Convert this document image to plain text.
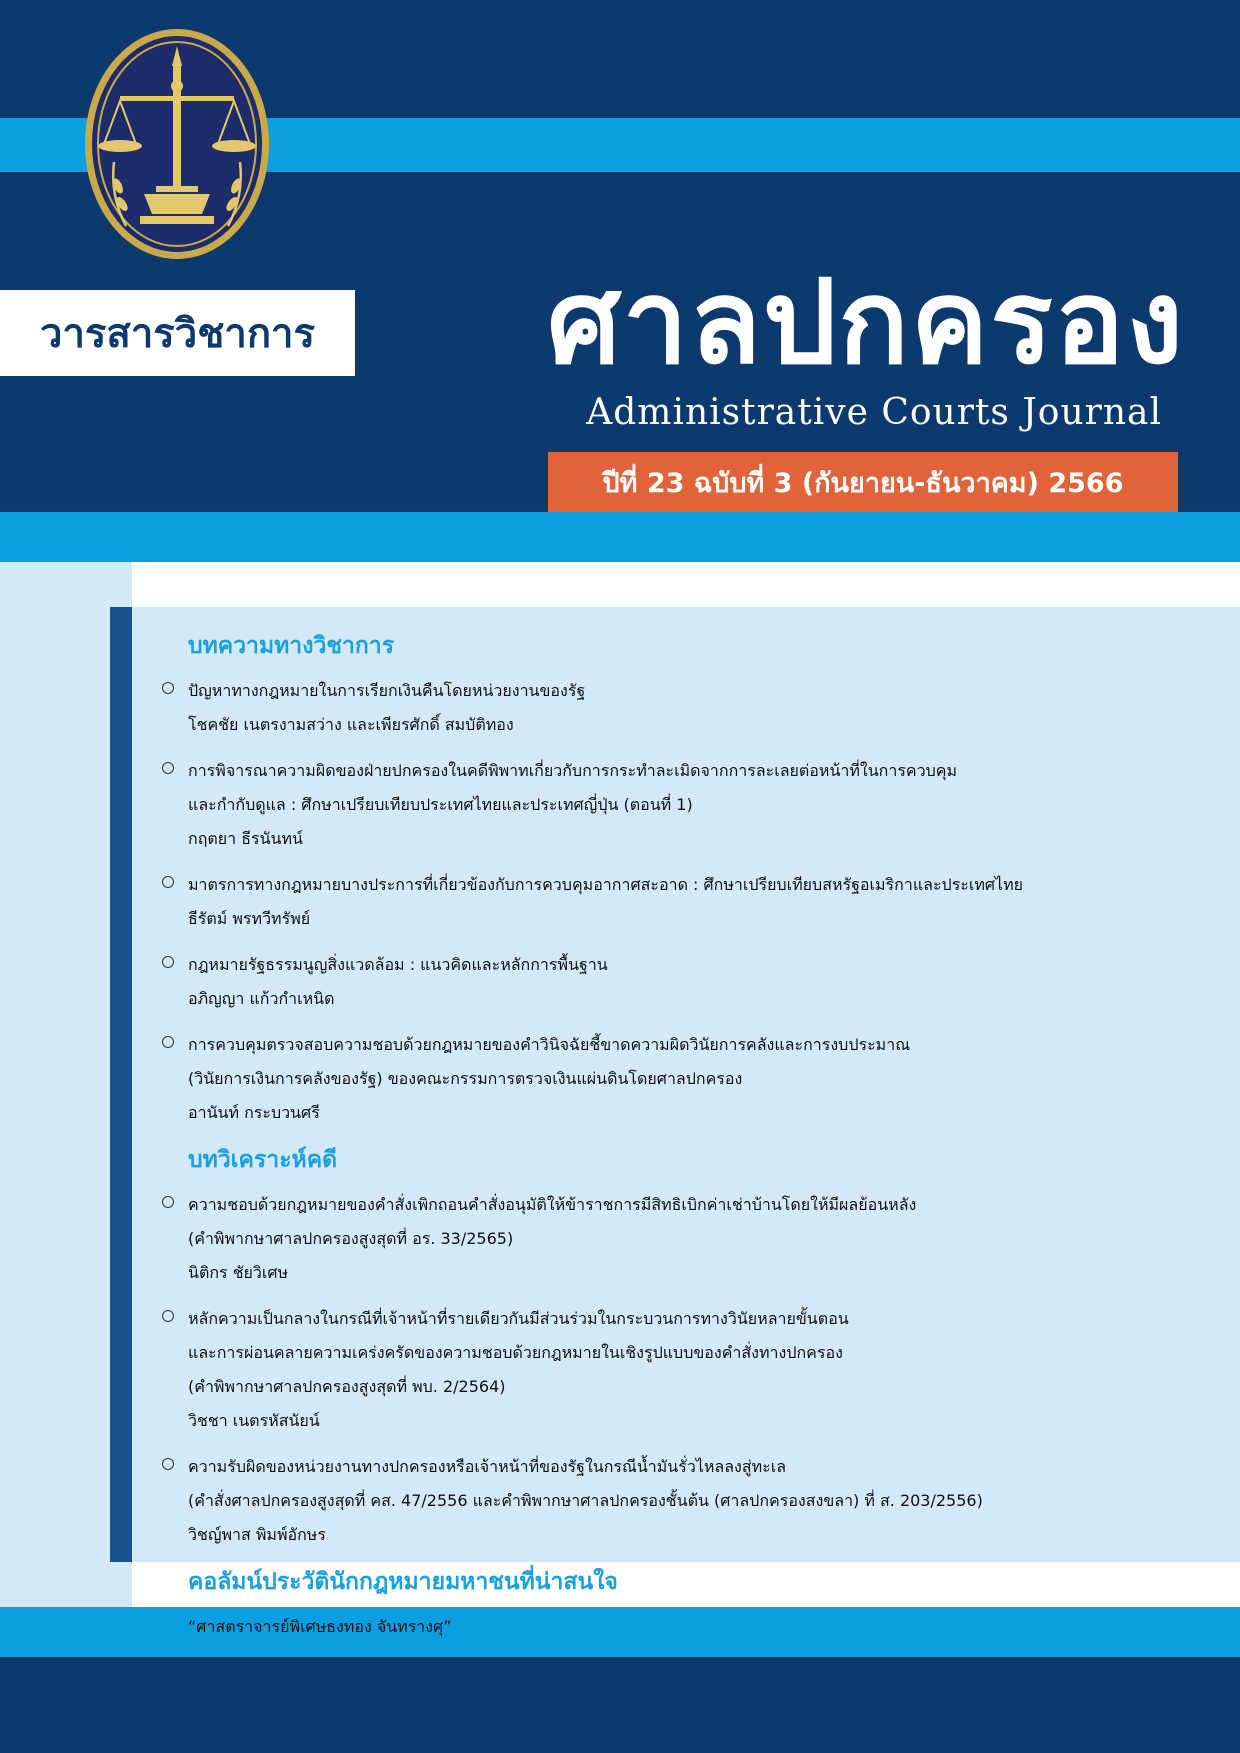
วารสารวิชาการ	ศาลปกครอง
Administrative Courts Journal
ปีที่ 23 ฉบับที่ 3 (กันยายน-ธันวาคม) 2566
บทความทางวิชาการ
ปัญหาทางกฎหมายในการเรียกเงินคืนโดยหน่วยงานของรัฐ
โชคชัย เนตรงามสว่าง และเพียรศักดิ์ สมบัติทอง
การพิจารณาความผิดของฝ่ายปกครองในคดีพิพาทเกี่ยวกับการกระทำละเมิดจากการละเลยต่อหน้าที่ในการควบคุม
และกำกับดูแล : ศึกษาเปรียบเทียบประเทศไทยและประเทศญี่ปุ่น (ตอนที่ 1)
กฤตยา ธีรนันทน์
มาตรการทางกฎหมายบางประการที่เกี่ยวข้องกับการควบคุมอากาศสะอาด : ศึกษาเปรียบเทียบสหรัฐอเมริกาและประเทศไทย
ธีรัตม์ พรทวีทรัพย์
กฎหมายรัฐธรรมนูญสิ่งแวดล้อม : แนวคิดและหลักการพื้นฐาน
อภิญญา แก้วกำเหนิด
การควบคุมตรวจสอบความชอบด้วยกฎหมายของคำวินิจฉัยชี้ขาดความผิดวินัยการคลังและการงบประมาณ
(วินัยการเงินการคลังของรัฐ) ของคณะกรรมการตรวจเงินแผ่นดินโดยศาลปกครอง
อานันท์ กระบวนศรี
บทวิเคราะห์คดี
ความชอบด้วยกฎหมายของคำสั่งเพิกถอนคำสั่งอนุมัติให้ข้าราชการมีสิทธิเบิกค่าเช่าบ้านโดยให้มีผลย้อนหลัง
(คำพิพากษาศาลปกครองสูงสุดที่ อร. 33/2565)
นิติกร ชัยวิเศษ
หลักความเป็นกลางในกรณีที่เจ้าหน้าที่รายเดียวกันมีส่วนร่วมในกระบวนการทางวินัยหลายขั้นตอน
และการผ่อนคลายความเคร่งครัดของความชอบด้วยกฎหมายในเชิงรูปแบบของคำสั่งทางปกครอง
(คำพิพากษาศาลปกครองสูงสุดที่ พบ. 2/2564)
วิชชา เนตรหัสนัยน์
ความรับผิดของหน่วยงานทางปกครองหรือเจ้าหน้าที่ของรัฐในกรณีน้ำมันรั่วไหลลงสู่ทะเล
(คำสั่งศาลปกครองสูงสุดที่ คส. 47/2556 และคำพิพากษาศาลปกครองชั้นต้น (ศาลปกครองสงขลา) ที่ ส. 203/2556)
วิชญ์พาส พิมพ์อักษร
คอลัมน์ประวัตินักกฎหมายมหาชนที่น่าสนใจ
“ศาสตราจารย์พิเศษธงทอง จันทรางศุ”
